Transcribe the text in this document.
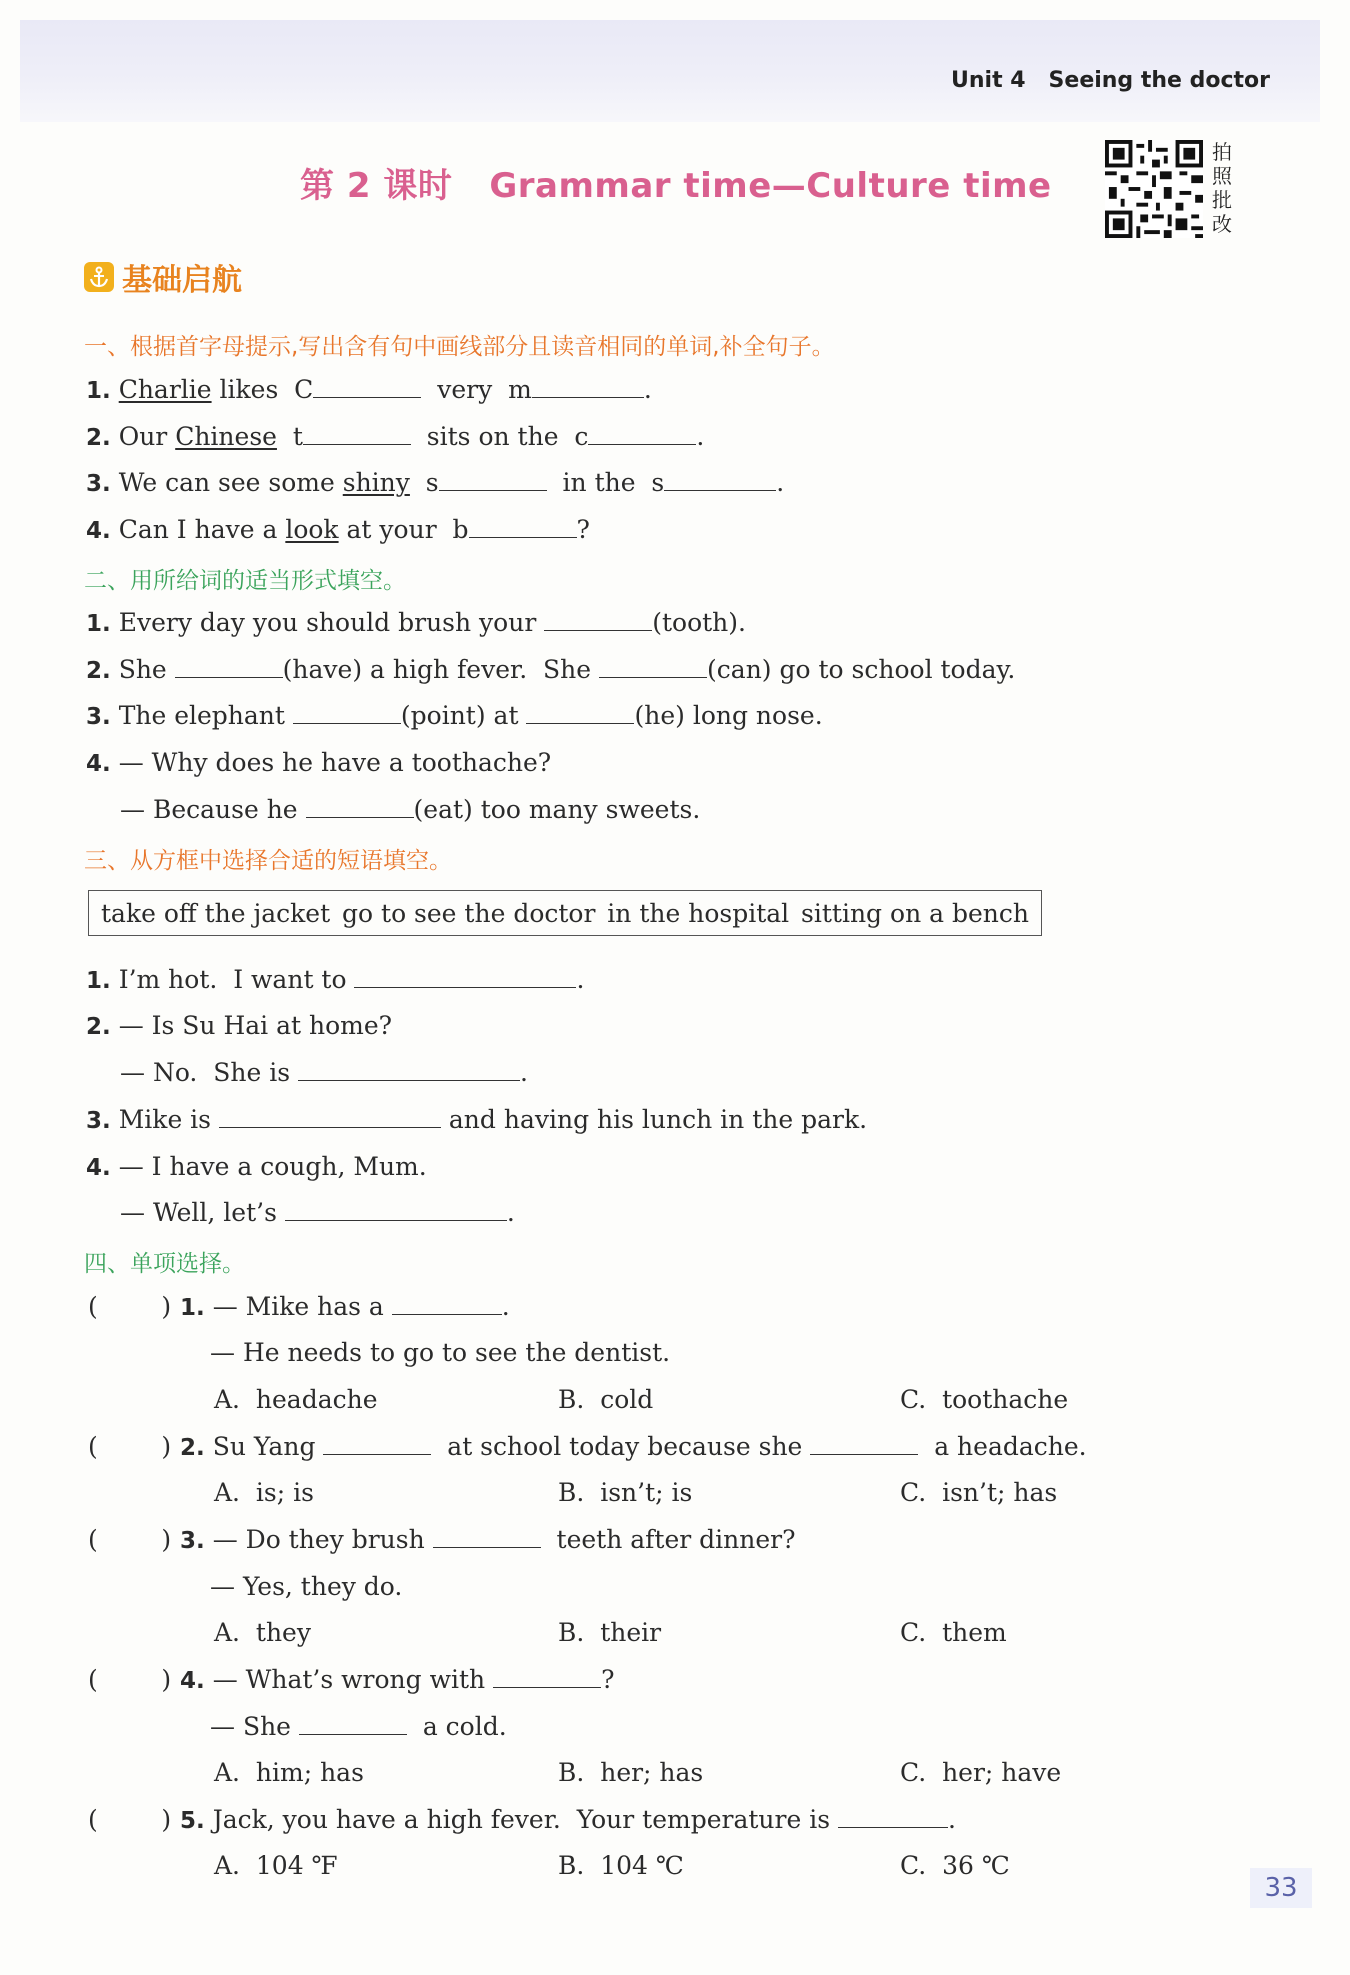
Unit 4 Seeing the doctor
第 2 课时   Grammar time—Culture time
拍照批改
基础启航
一、根据首字母提示,写出含有句中画线部分且读音相同的单词,补全句子。
1. Charlie likes  C	very  m	.
2. Our Chinese  t	sits on the  c	.
3. We can see some shiny  s	in the  s	.
4. Can I have a look at your  b	?
二、用所给词的适当形式填空。
1. Every day you should brush your	(tooth).
2. She	(have) a high fever.  She	(can) go to school today.
3. The elephant	(point) at	(he) long nose.
4. — Why does he have a toothache?
— Because he	(eat) too many sweets.
三、从方框中选择合适的短语填空。
take off the jacket go to see the doctor in the hospital sitting on a bench
1. I’m hot.  I want to	.
2. — Is Su Hai at home?
— No.  She is	.
3. Mike is	and having his lunch in the park.
4. — I have a cough, Mum.
— Well, let’s	.
四、单项选择。
(        ) 1. — Mike has a	.
— He needs to go to see the dentist.
A.  headache	B.  cold	C.  toothache
(        ) 2. Su Yang	at school today because she	a headache.
A.  is; is	B.  isn’t; is	C.  isn’t; has
(        ) 3. — Do they brush	teeth after dinner?
— Yes, they do.
A.  they	B.  their	C.  them
(        ) 4. — What’s wrong with	?
— She	a cold.
A.  him; has	B.  her; has	C.  her; have
(        ) 5. Jack, you have a high fever.  Your temperature is	.
A.  104 ℉	B.  104 ℃	C.  36 ℃
33
